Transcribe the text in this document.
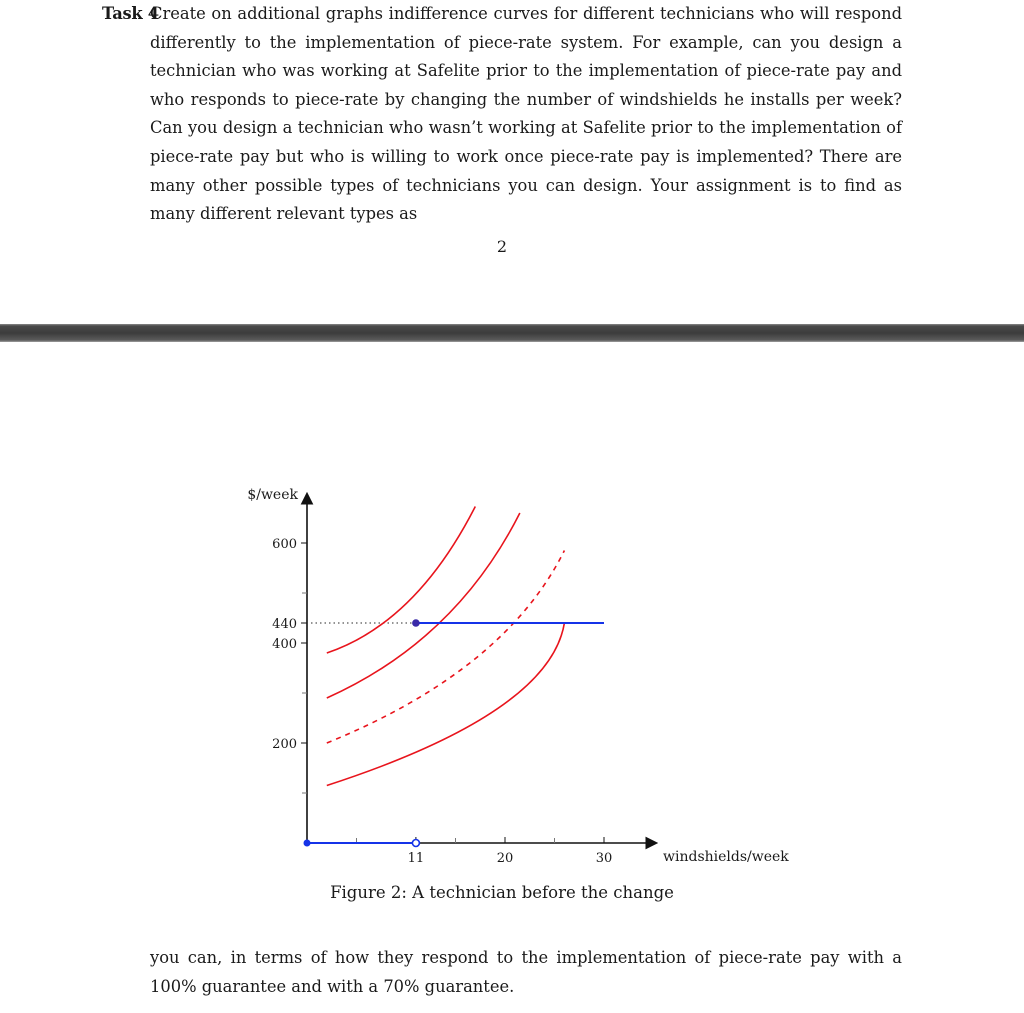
Task 4
Create on additional graphs indifference curves for different technicians who will respond differently to the implementation of piece-rate system. For example, can you design a technician who was working at Safelite prior to the implementation of piece-rate pay and who responds to piece-rate by changing the number of windshields he installs per week? Can you design a technician who wasn’t working at Safelite prior to the implementation of piece-rate pay but who is willing to work once piece-rate pay is implemented? There are many other possible types of technicians you can design. Your assignment is to find as many different relevant types as

2
$/week
windshields/week
11	20	30
200
400
440
600
Figure 2: A technician before the change

you can, in terms of how they respond to the implementation of piece-rate pay with a 100% guarantee and with a 70% guarantee.
